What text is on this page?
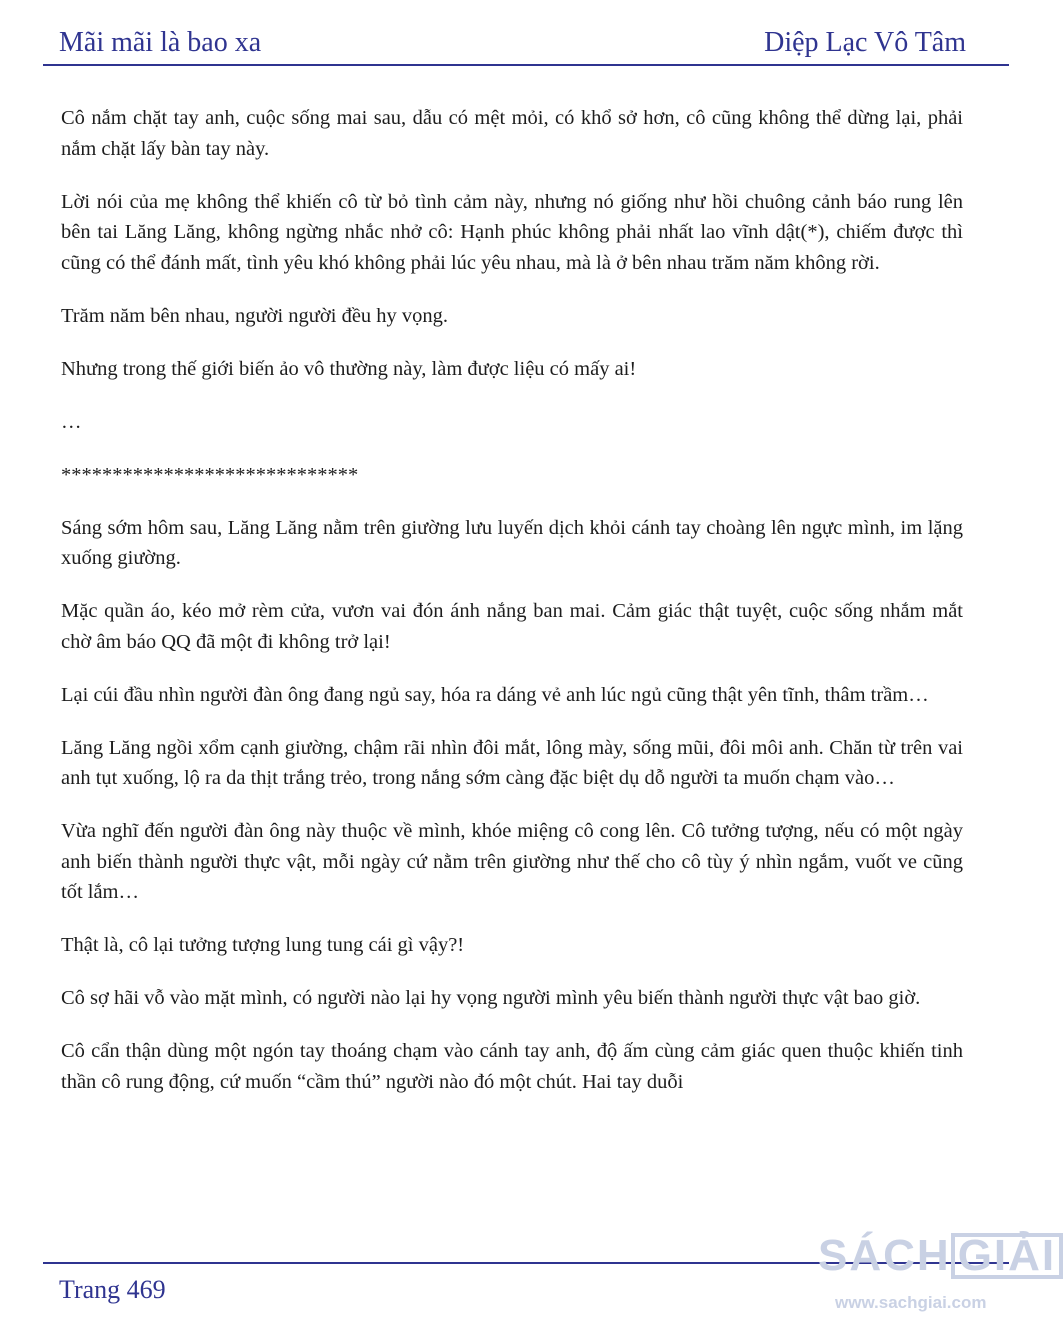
Mãi mãi là bao xa	Diệp Lạc Vô Tâm

Cô nắm chặt tay anh, cuộc sống mai sau, dẫu có mệt mỏi, có khổ sở hơn, cô cũng không thể dừng lại, phải nắm chặt lấy bàn tay này.

Lời nói của mẹ không thể khiến cô từ bỏ tình cảm này, nhưng nó giống như hồi chuông cảnh báo rung lên bên tai Lăng Lăng, không ngừng nhắc nhở cô: Hạnh phúc không phải nhất lao vĩnh dật(*), chiếm được thì cũng có thể đánh mất, tình yêu khó không phải lúc yêu nhau, mà là ở bên nhau trăm năm không rời.

Trăm năm bên nhau, người người đều hy vọng.

Nhưng trong thế giới biến ảo vô thường này, làm được liệu có mấy ai!

…

*****************************

Sáng sớm hôm sau, Lăng Lăng nằm trên giường lưu luyến dịch khỏi cánh tay choàng lên ngực mình, im lặng xuống giường.

Mặc quần áo, kéo mở rèm cửa, vươn vai đón ánh nắng ban mai. Cảm giác thật tuyệt, cuộc sống nhắm mắt chờ âm báo QQ đã một đi không trở lại!

Lại cúi đầu nhìn người đàn ông đang ngủ say, hóa ra dáng vẻ anh lúc ngủ cũng thật yên tĩnh, thâm trầm…

Lăng Lăng ngồi xổm cạnh giường, chậm rãi nhìn đôi mắt, lông mày, sống mũi, đôi môi anh. Chăn từ trên vai anh tụt xuống, lộ ra da thịt trắng trẻo, trong nắng sớm càng đặc biệt dụ dỗ người ta muốn chạm vào…

Vừa nghĩ đến người đàn ông này thuộc về mình, khóe miệng cô cong lên. Cô tưởng tượng, nếu có một ngày anh biến thành người thực vật, mỗi ngày cứ nằm trên giường như thế cho cô tùy ý nhìn ngắm, vuốt ve cũng tốt lắm…

Thật là, cô lại tưởng tượng lung tung cái gì vậy?!

Cô sợ hãi vỗ vào mặt mình, có người nào lại hy vọng người mình yêu biến thành người thực vật bao giờ.

Cô cẩn thận dùng một ngón tay thoáng chạm vào cánh tay anh, độ ấm cùng cảm giác quen thuộc khiến tinh thần cô rung động, cứ muốn “cầm thú” người nào đó một chút. Hai tay duỗi

Trang 469
SÁCH GIẢI
www.sachgiai.com
